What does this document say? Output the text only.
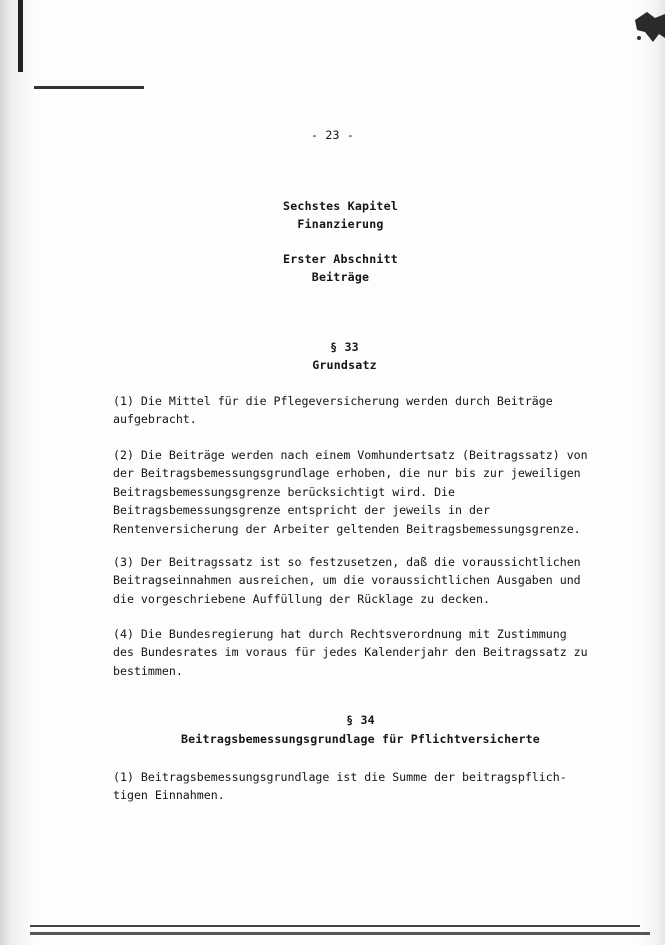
- 23 -
Sechstes Kapitel
Finanzierung
Erster Abschnitt
Beiträge
§ 33
Grundsatz
(1) Die Mittel für die Pflegeversicherung werden durch Beiträge
aufgebracht.
(2) Die Beiträge werden nach einem Vomhundertsatz (Beitragssatz) von
der Beitragsbemessungsgrundlage erhoben, die nur bis zur jeweiligen
Beitragsbemessungsgrenze berücksichtigt wird. Die
Beitragsbemessungsgrenze entspricht der jeweils in der
Rentenversicherung der Arbeiter geltenden Beitragsbemessungsgrenze.
(3) Der Beitragssatz ist so festzusetzen, daß die voraussichtlichen
Beitragseinnahmen ausreichen, um die voraussichtlichen Ausgaben und
die vorgeschriebene Auffüllung der Rücklage zu decken.
(4) Die Bundesregierung hat durch Rechtsverordnung mit Zustimmung
des Bundesrates im voraus für jedes Kalenderjahr den Beitragssatz zu
bestimmen.
§ 34
Beitragsbemessungsgrundlage für Pflichtversicherte
(1) Beitragsbemessungsgrundlage ist die Summe der beitragspflich-
tigen Einnahmen.
